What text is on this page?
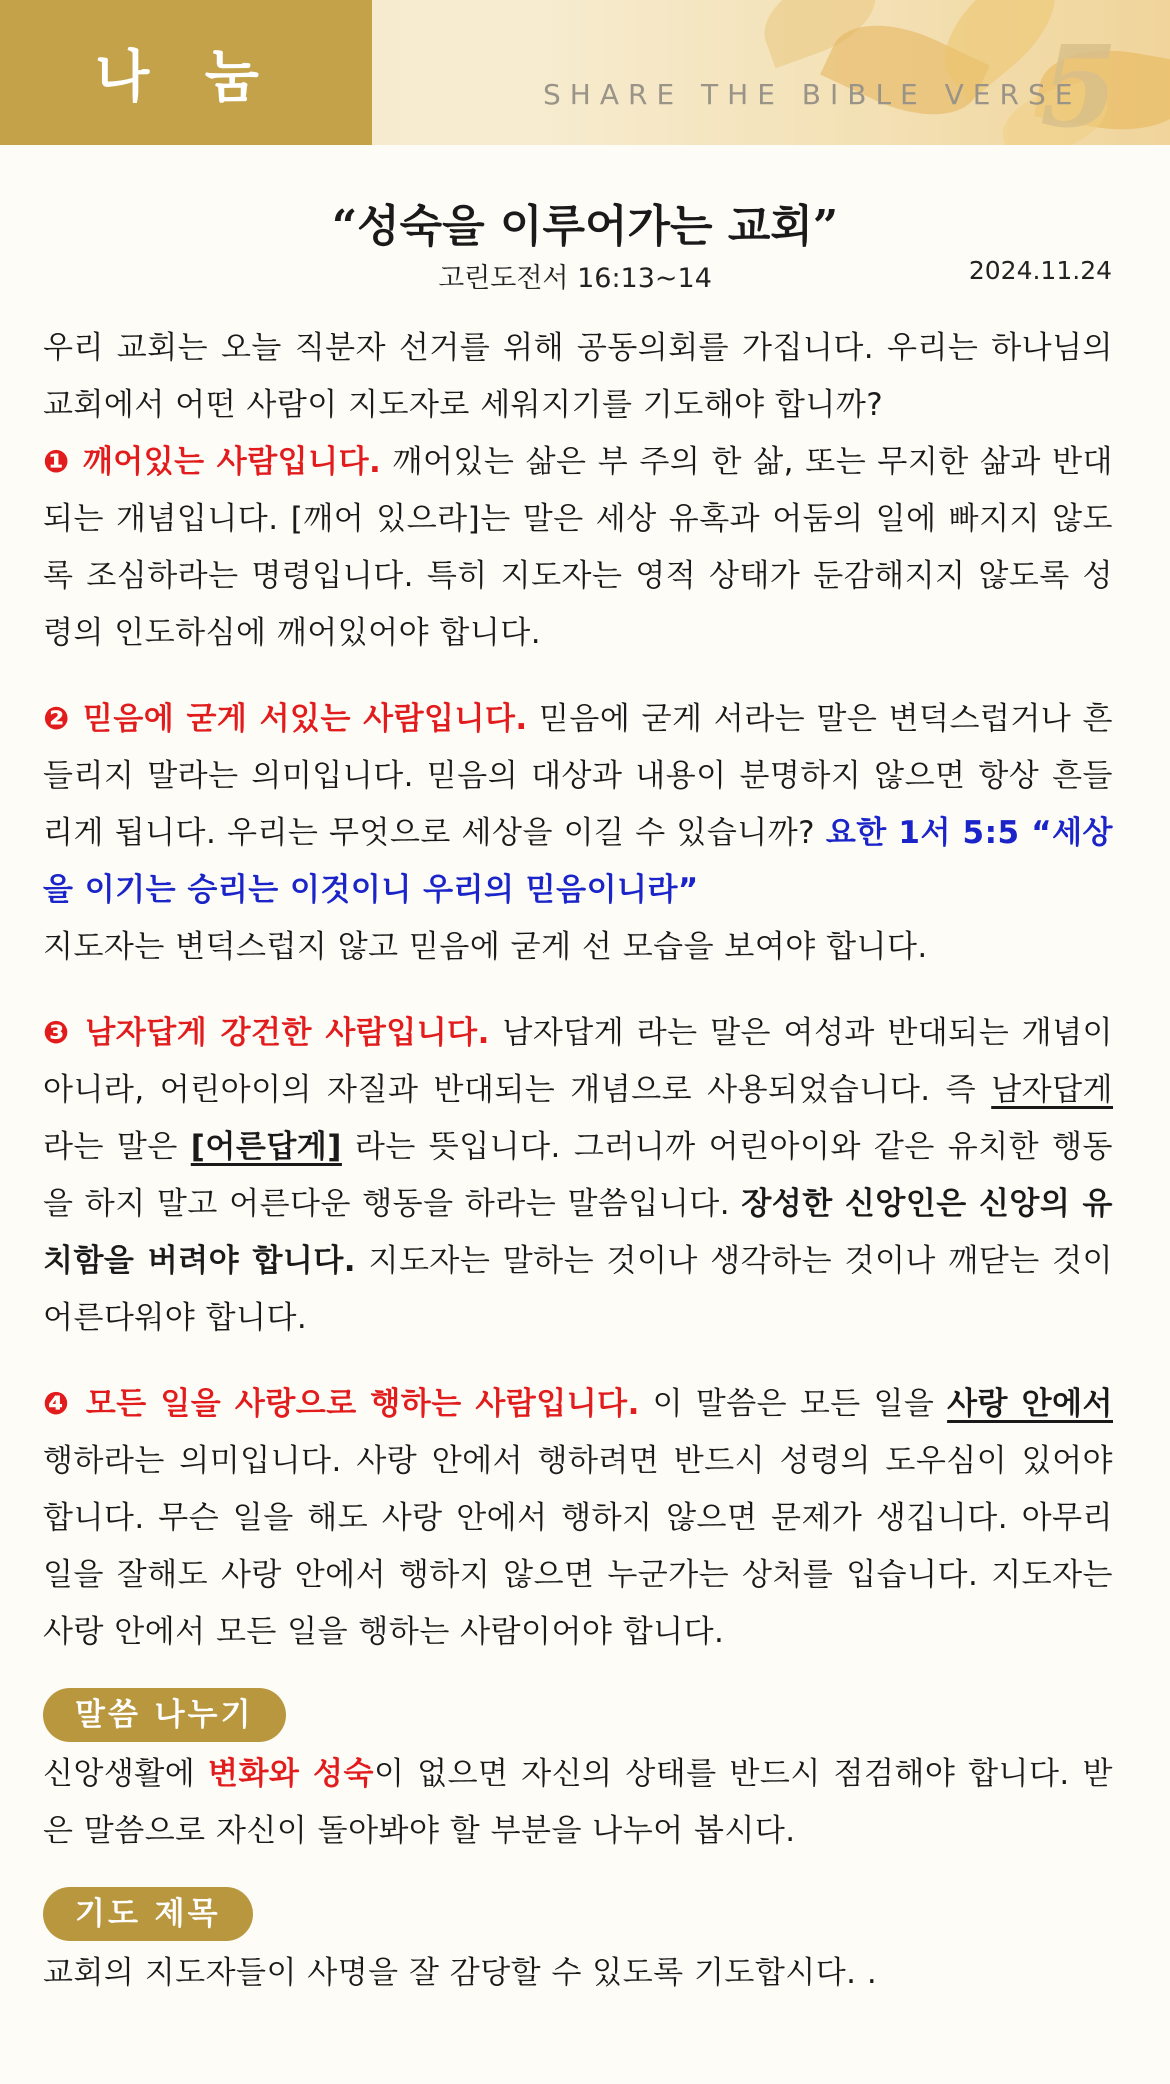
나 눔	SHARE THE BIBLE VERSE
5
“성숙을 이루어가는 교회”
고린도전서 16:13~14	2024.11.24

우리 교회는 오늘 직분자 선거를 위해 공동의회를 가집니다. 우리는 하나님의 교회에서 어떤 사람이 지도자로 세워지기를 기도해야 합니까?

❶ 깨어있는 사람입니다. 깨어있는 삶은 부 주의 한 삶, 또는 무지한 삶과 반대되는 개념입니다. [깨어 있으라]는 말은 세상 유혹과 어둠의 일에 빠지지 않도록 조심하라는 명령입니다. 특히 지도자는 영적 상태가 둔감해지지 않도록 성령의 인도하심에 깨어있어야 합니다.

❷ 믿음에 굳게 서있는 사람입니다. 믿음에 굳게 서라는 말은 변덕스럽거나 흔들리지 말라는 의미입니다. 믿음의 대상과 내용이 분명하지 않으면 항상 흔들리게 됩니다. 우리는 무엇으로 세상을 이길 수 있습니까? 요한 1서 5:5 “세상을 이기는 승리는 이것이니 우리의 믿음이니라”

지도자는 변덕스럽지 않고 믿음에 굳게 선 모습을 보여야 합니다.

❸ 남자답게 강건한 사람입니다. 남자답게 라는 말은 여성과 반대되는 개념이 아니라, 어린아이의 자질과 반대되는 개념으로 사용되었습니다. 즉 남자답게 라는 말은 [어른답게] 라는 뜻입니다. 그러니까 어린아이와 같은 유치한 행동을 하지 말고 어른다운 행동을 하라는 말씀입니다. 장성한 신앙인은 신앙의 유치함을 버려야 합니다. 지도자는 말하는 것이나 생각하는 것이나 깨닫는 것이 어른다워야 합니다.

❹ 모든 일을 사랑으로 행하는 사람입니다. 이 말씀은 모든 일을 사랑 안에서 행하라는 의미입니다. 사랑 안에서 행하려면 반드시 성령의 도우심이 있어야 합니다. 무슨 일을 해도 사랑 안에서 행하지 않으면 문제가 생깁니다. 아무리 일을 잘해도 사랑 안에서 행하지 않으면 누군가는 상처를 입습니다. 지도자는 사랑 안에서 모든 일을 행하는 사람이어야 합니다.

말씀 나누기

신앙생활에 변화와 성숙이 없으면 자신의 상태를 반드시 점검해야 합니다. 받은 말씀으로 자신이 돌아봐야 할 부분을 나누어 봅시다.

기도 제목

교회의 지도자들이 사명을 잘 감당할 수 있도록 기도합시다. .
